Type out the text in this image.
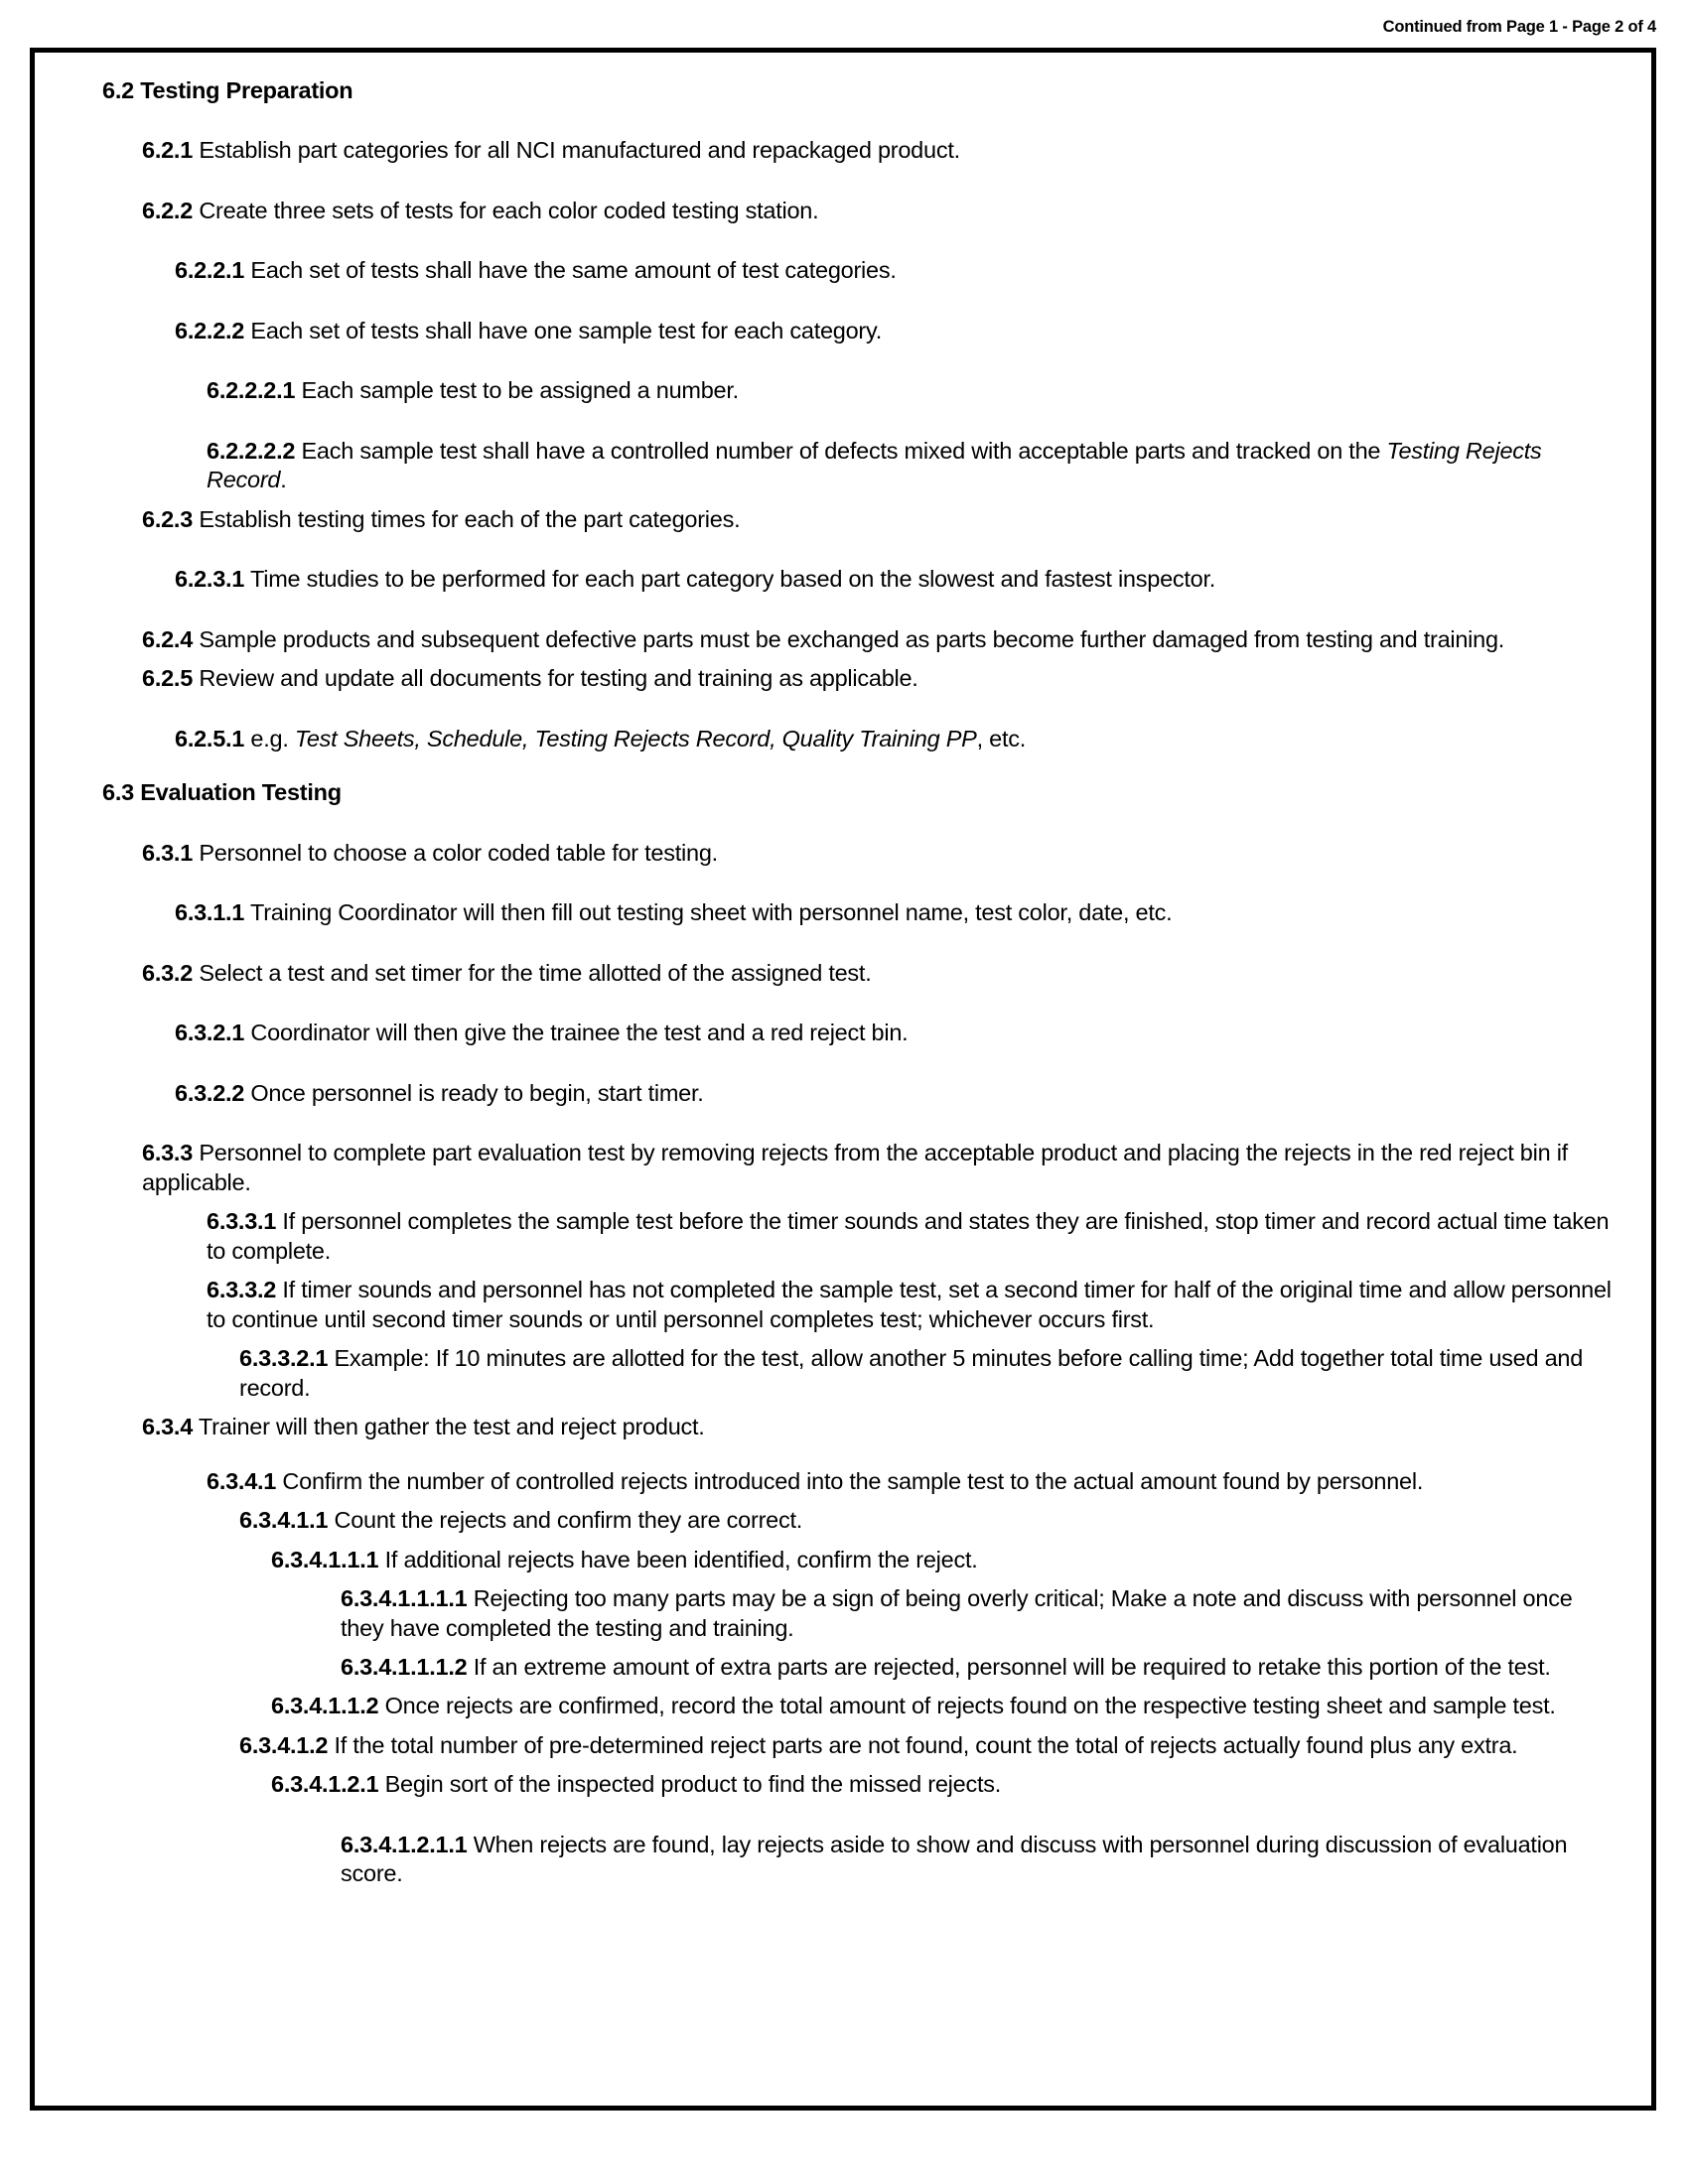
Continued from Page 1 - Page 2 of 4

6.2 Testing Preparation

6.2.1 Establish part categories for all NCI manufactured and repackaged product.

6.2.2 Create three sets of tests for each color coded testing station.

6.2.2.1 Each set of tests shall have the same amount of test categories.

6.2.2.2 Each set of tests shall have one sample test for each category.

6.2.2.2.1 Each sample test to be assigned a number.

6.2.2.2.2 Each sample test shall have a controlled number of defects mixed with acceptable parts and tracked on the Testing Rejects Record.

6.2.3 Establish testing times for each of the part categories.

6.2.3.1 Time studies to be performed for each part category based on the slowest and fastest inspector.

6.2.4 Sample products and subsequent defective parts must be exchanged as parts become further damaged from testing and training.

6.2.5 Review and update all documents for testing and training as applicable.

6.2.5.1 e.g. Test Sheets, Schedule, Testing Rejects Record, Quality Training PP, etc.

6.3 Evaluation Testing

6.3.1 Personnel to choose a color coded table for testing.

6.3.1.1 Training Coordinator will then fill out testing sheet with personnel name, test color, date, etc.

6.3.2 Select a test and set timer for the time allotted of the assigned test.

6.3.2.1 Coordinator will then give the trainee the test and a red reject bin.

6.3.2.2 Once personnel is ready to begin, start timer.

6.3.3 Personnel to complete part evaluation test by removing rejects from the acceptable product and placing the rejects in the red reject bin if applicable.

6.3.3.1 If personnel completes the sample test before the timer sounds and states they are finished, stop timer and record actual time taken to complete.

6.3.3.2 If timer sounds and personnel has not completed the sample test, set a second timer for half of the original time and allow personnel to continue until second timer sounds or until personnel completes test; whichever occurs first.

6.3.3.2.1 Example: If 10 minutes are allotted for the test, allow another 5 minutes before calling time; Add together total time used and record.

6.3.4 Trainer will then gather the test and reject product.

6.3.4.1 Confirm the number of controlled rejects introduced into the sample test to the actual amount found by personnel.

6.3.4.1.1 Count the rejects and confirm they are correct.

6.3.4.1.1.1 If additional rejects have been identified, confirm the reject.

6.3.4.1.1.1.1 Rejecting too many parts may be a sign of being overly critical; Make a note and discuss with personnel once they have completed the testing and training.

6.3.4.1.1.1.2 If an extreme amount of extra parts are rejected, personnel will be required to retake this portion of the test.

6.3.4.1.1.2 Once rejects are confirmed, record the total amount of rejects found on the respective testing sheet and sample test.

6.3.4.1.2 If the total number of pre-determined reject parts are not found, count the total of rejects actually found plus any extra.

6.3.4.1.2.1 Begin sort of the inspected product to find the missed rejects.

6.3.4.1.2.1.1 When rejects are found, lay rejects aside to show and discuss with personnel during discussion of evaluation score.
